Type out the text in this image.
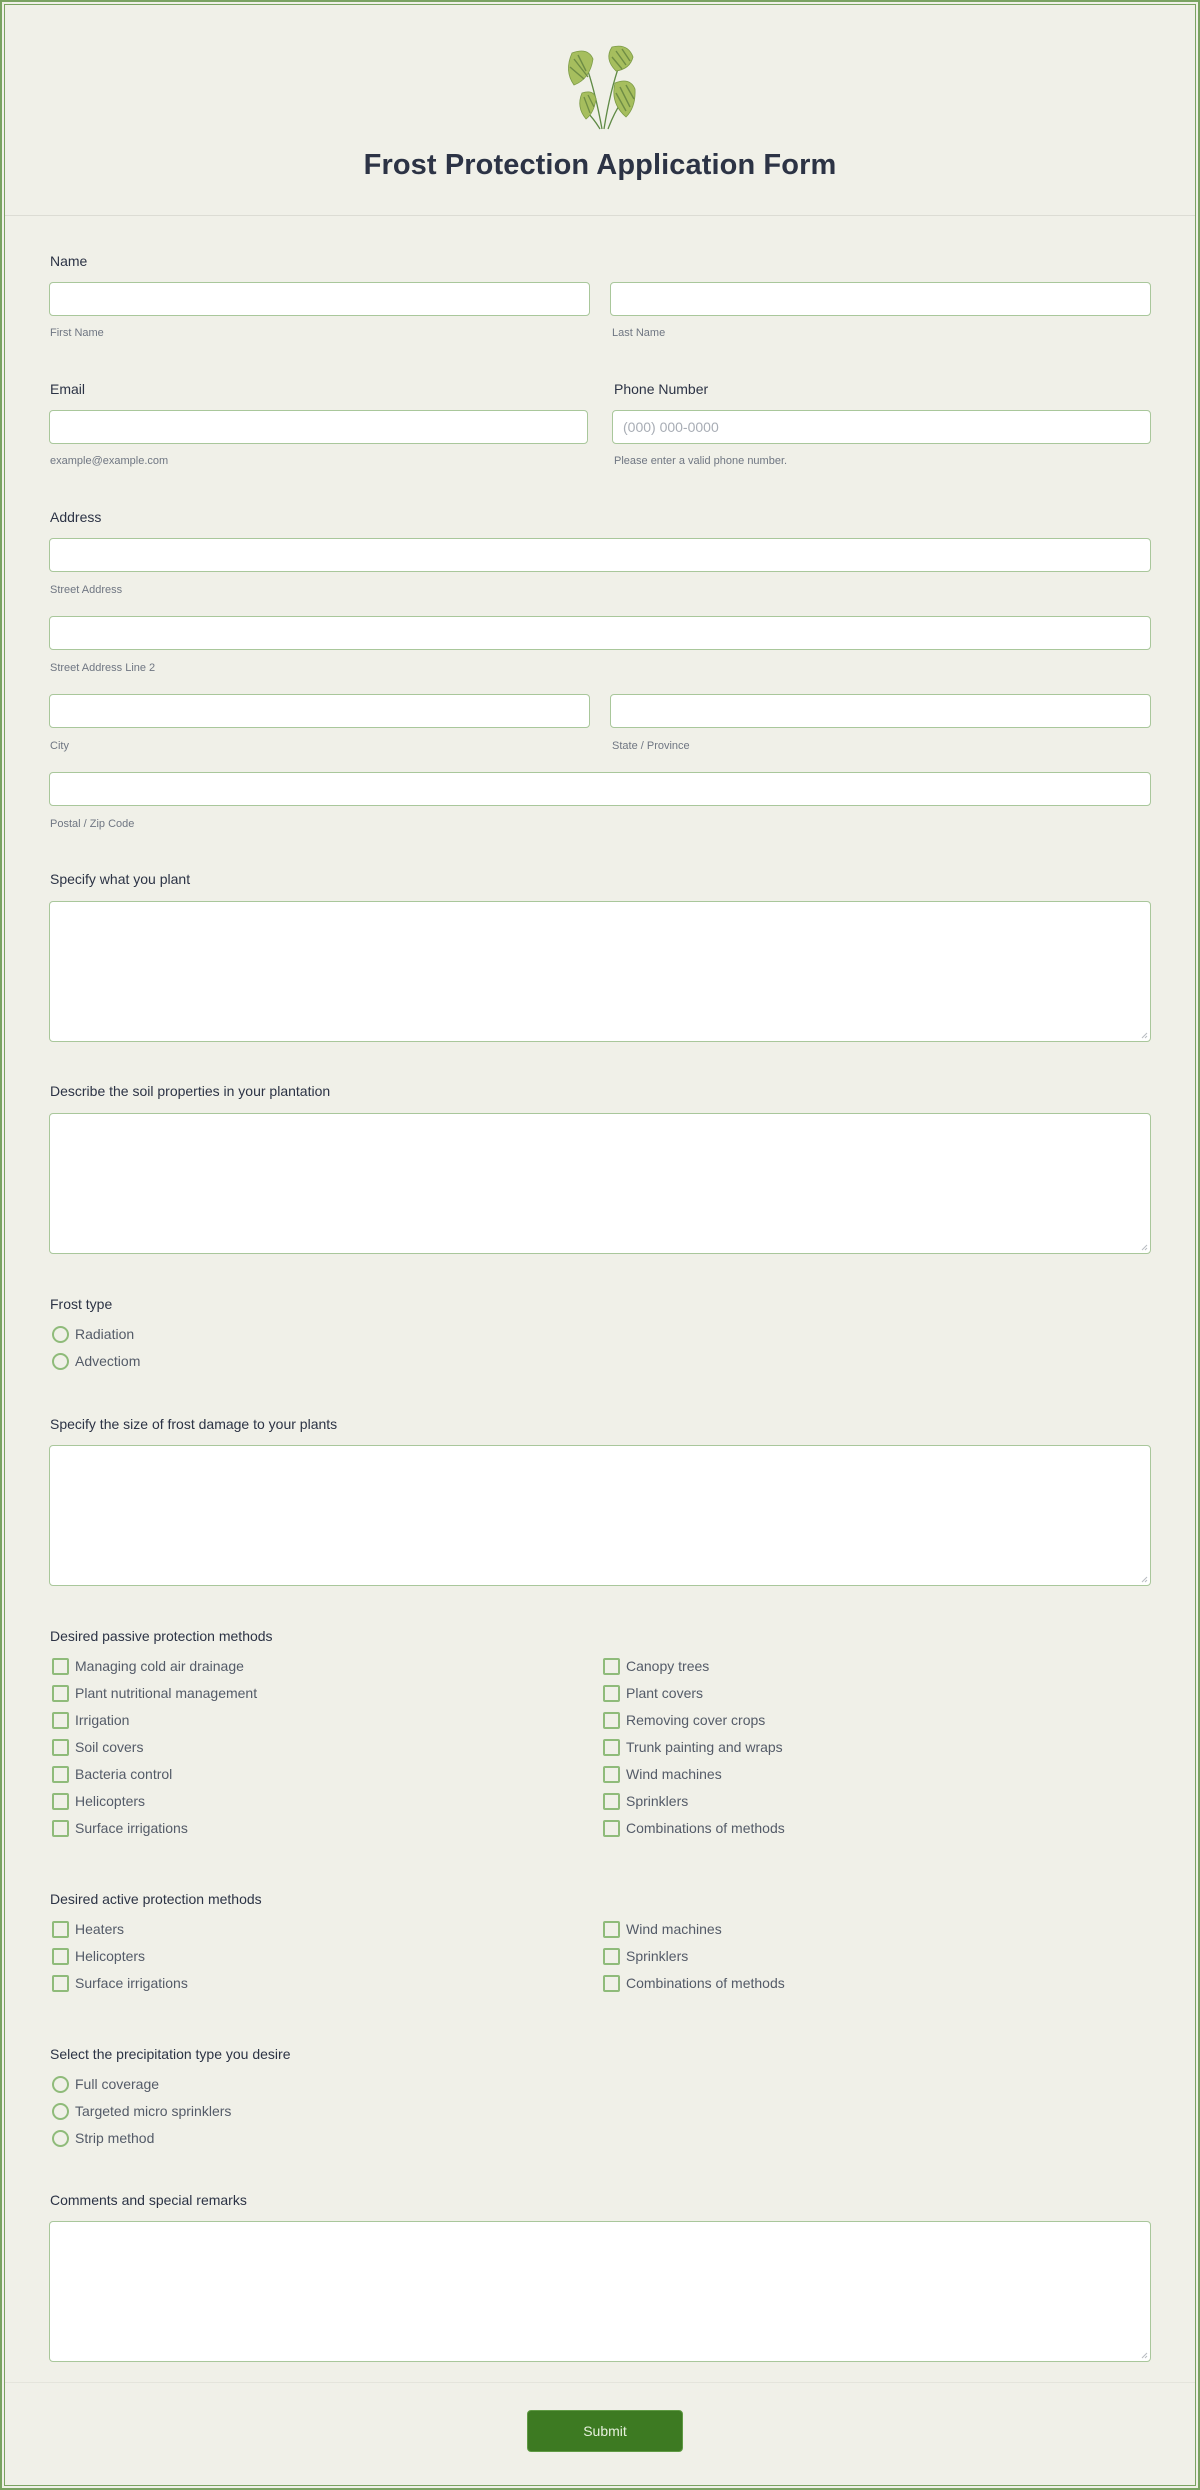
Frost Protection Application Form
Name
First Name	Last Name
Email
example@example.com
Phone Number
(000) 000-0000
Please enter a valid phone number.
Address
Street Address
Street Address Line 2
City	State / Province
Postal / Zip Code
Specify what you plant
Describe the soil properties in your plantation
Frost type
Radiation
Advectiom
Specify the size of frost damage to your plants
Desired passive protection methods
Managing cold air drainage
Plant nutritional management
Irrigation
Soil covers
Bacteria control
Helicopters
Surface irrigations
Canopy trees
Plant covers
Removing cover crops
Trunk painting and wraps
Wind machines
Sprinklers
Combinations of methods
Desired active protection methods
Heaters
Helicopters
Surface irrigations
Wind machines
Sprinklers
Combinations of methods
Select the precipitation type you desire
Full coverage
Targeted micro sprinklers
Strip method
Comments and special remarks
Submit
